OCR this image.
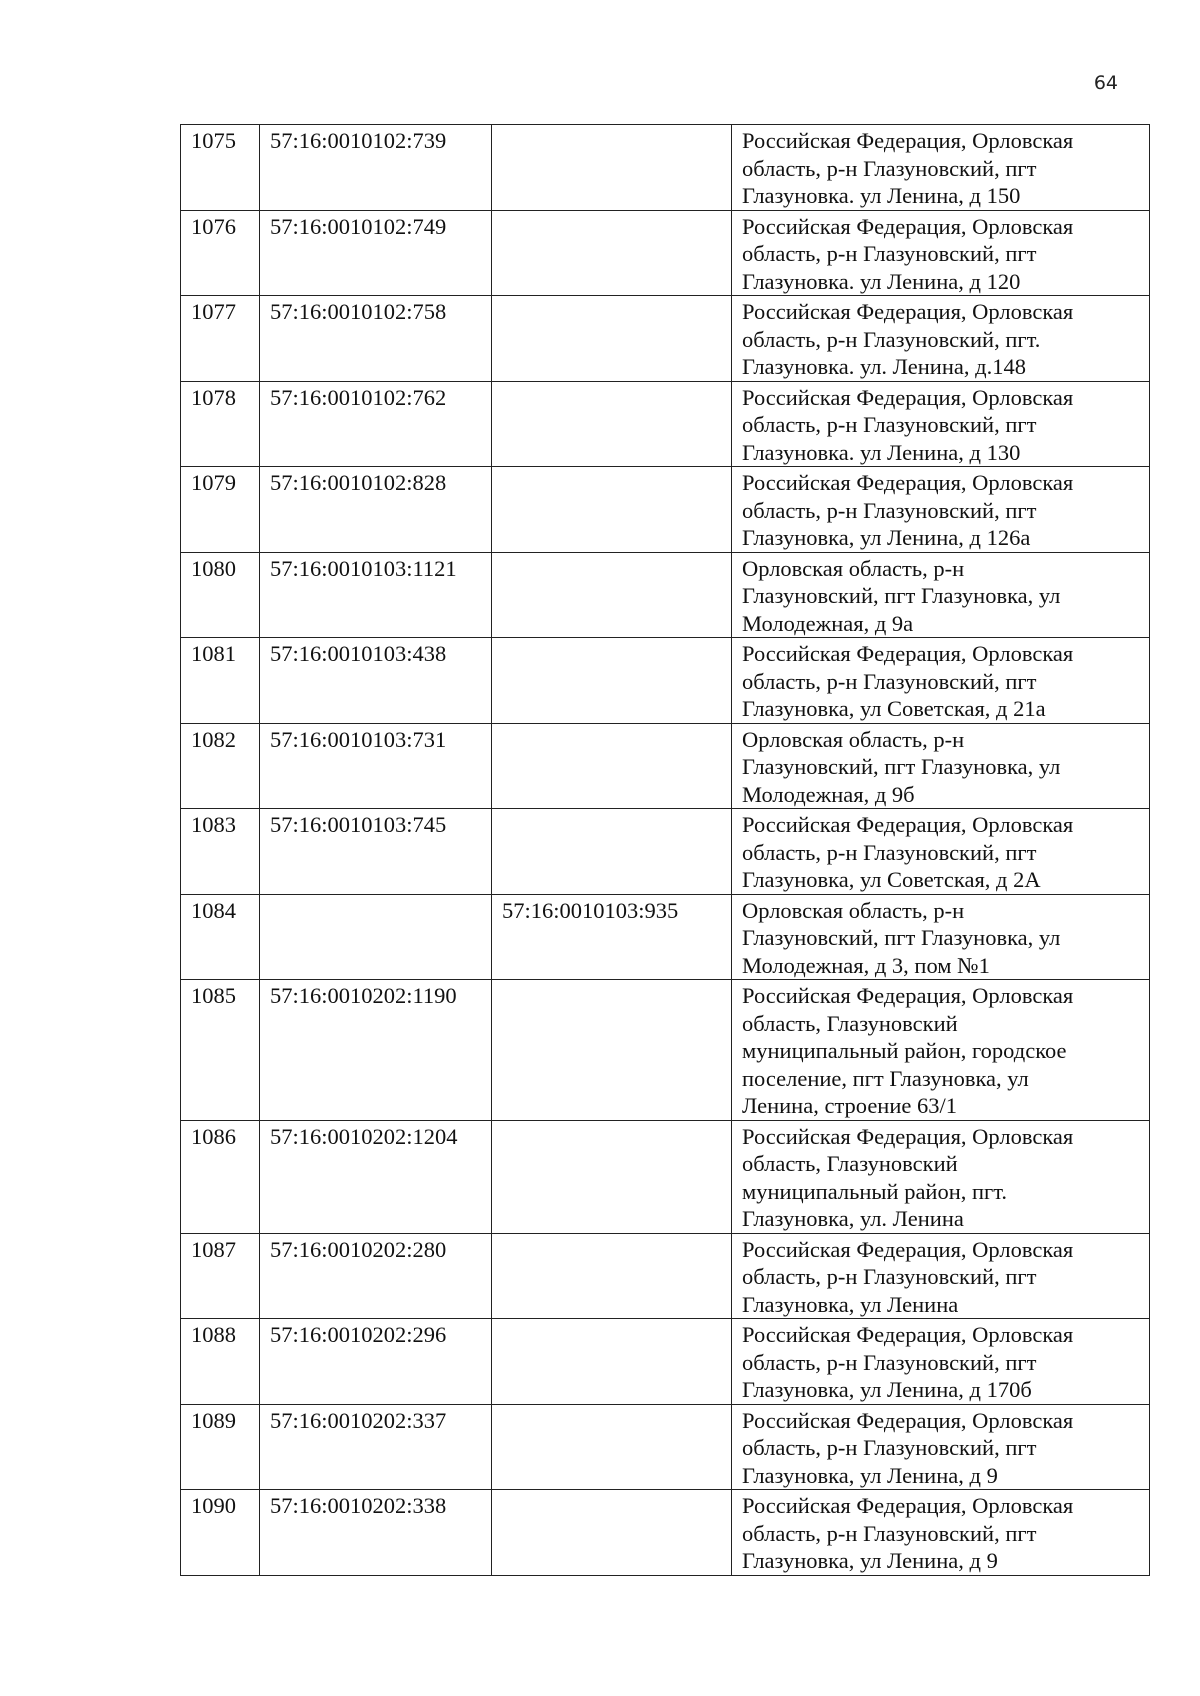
64
1075	57:16:0010102:739		Российская Федерация, Орловская
область, р-н Глазуновский, пгт
Глазуновка. ул Ленина, д 150
1076	57:16:0010102:749		Российская Федерация, Орловская
область, р-н Глазуновский, пгт
Глазуновка. ул Ленина, д 120
1077	57:16:0010102:758		Российская Федерация, Орловская
область, р-н Глазуновский, пгт.
Глазуновка. ул. Ленина, д.148
1078	57:16:0010102:762		Российская Федерация, Орловская
область, р-н Глазуновский, пгт
Глазуновка. ул Ленина, д 130
1079	57:16:0010102:828		Российская Федерация, Орловская
область, р-н Глазуновский, пгт
Глазуновка, ул Ленина, д 126а
1080	57:16:0010103:1121		Орловская область, р-н
Глазуновский, пгт Глазуновка, ул
Молодежная, д 9а
1081	57:16:0010103:438		Российская Федерация, Орловская
область, р-н Глазуновский, пгт
Глазуновка, ул Советская, д 21а
1082	57:16:0010103:731		Орловская область, р-н
Глазуновский, пгт Глазуновка, ул
Молодежная, д 9б
1083	57:16:0010103:745		Российская Федерация, Орловская
область, р-н Глазуновский, пгт
Глазуновка, ул Советская, д 2А
1084		57:16:0010103:935	Орловская область, р-н
Глазуновский, пгт Глазуновка, ул
Молодежная, д 3, пом №1
1085	57:16:0010202:1190		Российская Федерация, Орловская
область, Глазуновский
муниципальный район, городское
поселение, пгт Глазуновка, ул
Ленина, строение 63/1
1086	57:16:0010202:1204		Российская Федерация, Орловская
область, Глазуновский
муниципальный район, пгт.
Глазуновка, ул. Ленина
1087	57:16:0010202:280		Российская Федерация, Орловская
область, р-н Глазуновский, пгт
Глазуновка, ул Ленина
1088	57:16:0010202:296		Российская Федерация, Орловская
область, р-н Глазуновский, пгт
Глазуновка, ул Ленина, д 170б
1089	57:16:0010202:337		Российская Федерация, Орловская
область, р-н Глазуновский, пгт
Глазуновка, ул Ленина, д 9
1090	57:16:0010202:338		Российская Федерация, Орловская
область, р-н Глазуновский, пгт
Глазуновка, ул Ленина, д 9
